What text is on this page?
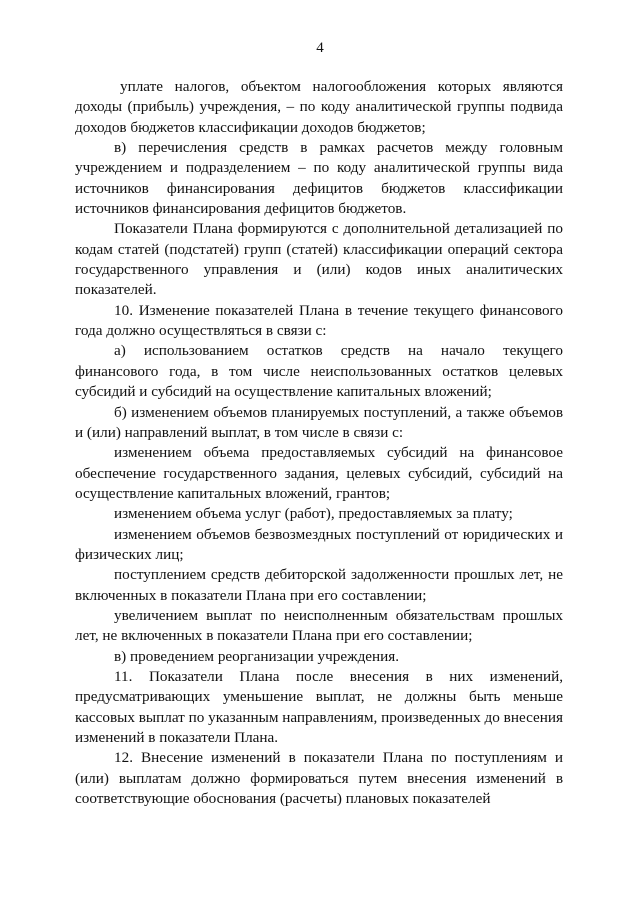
4

уплате налогов, объектом налогообложения которых являются доходы (прибыль) учреждения, – по коду аналитической группы подвида доходов бюджетов классификации доходов бюджетов;

в) перечисления средств в рамках расчетов между головным учреждением и подразделением – по коду аналитической группы вида источников финансирования дефицитов бюджетов классификации источников финансирования дефицитов бюджетов.

Показатели Плана формируются с дополнительной детализацией по кодам статей (подстатей) групп (статей) классификации операций сектора государственного управления и (или) кодов иных аналитических показателей.

10. Изменение показателей Плана в течение текущего финансового года должно осуществляться в связи с:

а) использованием остатков средств на начало текущего финансового года, в том числе неиспользованных остатков целевых субсидий и субсидий на осуществление капитальных вложений;

б) изменением объемов планируемых поступлений, а также объемов и (или) направлений выплат, в том числе в связи с:

изменением объема предоставляемых субсидий на финансовое обеспечение государственного задания, целевых субсидий, субсидий на осуществление капитальных вложений, грантов;

изменением объема услуг (работ), предоставляемых за плату;

изменением объемов безвозмездных поступлений от юридических и физических лиц;

поступлением средств дебиторской задолженности прошлых лет, не включенных в показатели Плана при его составлении;

увеличением выплат по неисполненным обязательствам прошлых лет, не включенных в показатели Плана при его составлении;

в) проведением реорганизации учреждения.

11. Показатели Плана после внесения в них изменений, предусматривающих уменьшение выплат, не должны быть меньше кассовых выплат по указанным направлениям, произведенных до внесения изменений в показатели Плана.

12. Внесение изменений в показатели Плана по поступлениям и (или) выплатам должно формироваться путем внесения изменений в соответствующие обоснования (расчеты) плановых показателей
